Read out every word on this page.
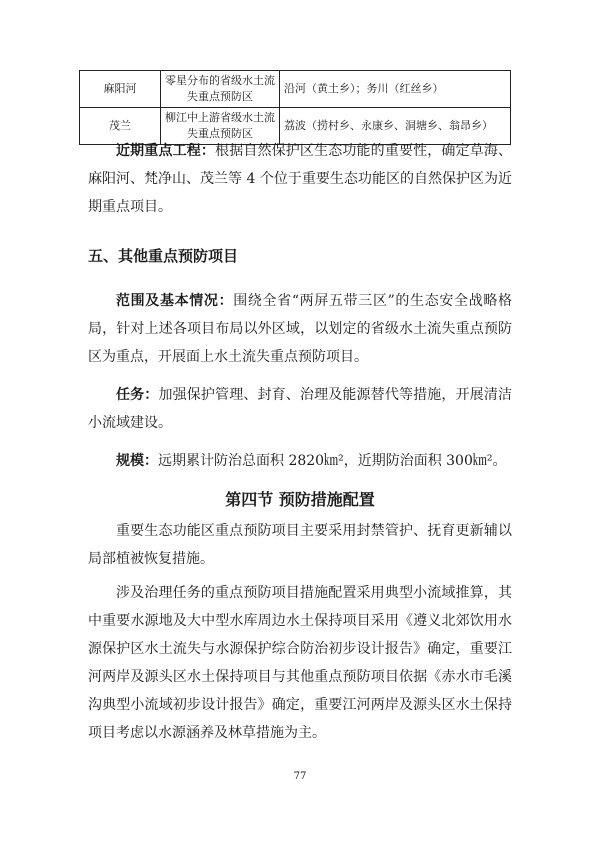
麻阳河	零星分布的省级水土流失重点预防区	沿河（黄土乡）；务川（红丝乡）
茂兰	柳江中上游省级水土流失重点预防区	荔波（捞村乡、永康乡、洞塘乡、翁昂乡）

近期重点工程：根据自然保护区生态功能的重要性，确定草海、麻阳河、梵净山、茂兰等 4 个位于重要生态功能区的自然保护区为近期重点项目。

五、其他重点预防项目

范围及基本情况：围绕全省“两屏五带三区”的生态安全战略格局，针对上述各项目布局以外区域，以划定的省级水土流失重点预防区为重点，开展面上水土流失重点预防项目。

任务：加强保护管理、封育、治理及能源替代等措施，开展清洁小流域建设。

规模：远期累计防治总面积 2820㎞²，近期防治面积 300㎞²。

第四节 预防措施配置

重要生态功能区重点预防项目主要采用封禁管护、抚育更新辅以局部植被恢复措施。

涉及治理任务的重点预防项目措施配置采用典型小流域推算，其中重要水源地及大中型水库周边水土保持项目采用《遵义北郊饮用水源保护区水土流失与水源保护综合防治初步设计报告》确定，重要江河两岸及源头区水土保持项目与其他重点预防项目依据《赤水市毛溪沟典型小流域初步设计报告》确定，重要江河两岸及源头区水土保持项目考虑以水源涵养及林草措施为主。

77
